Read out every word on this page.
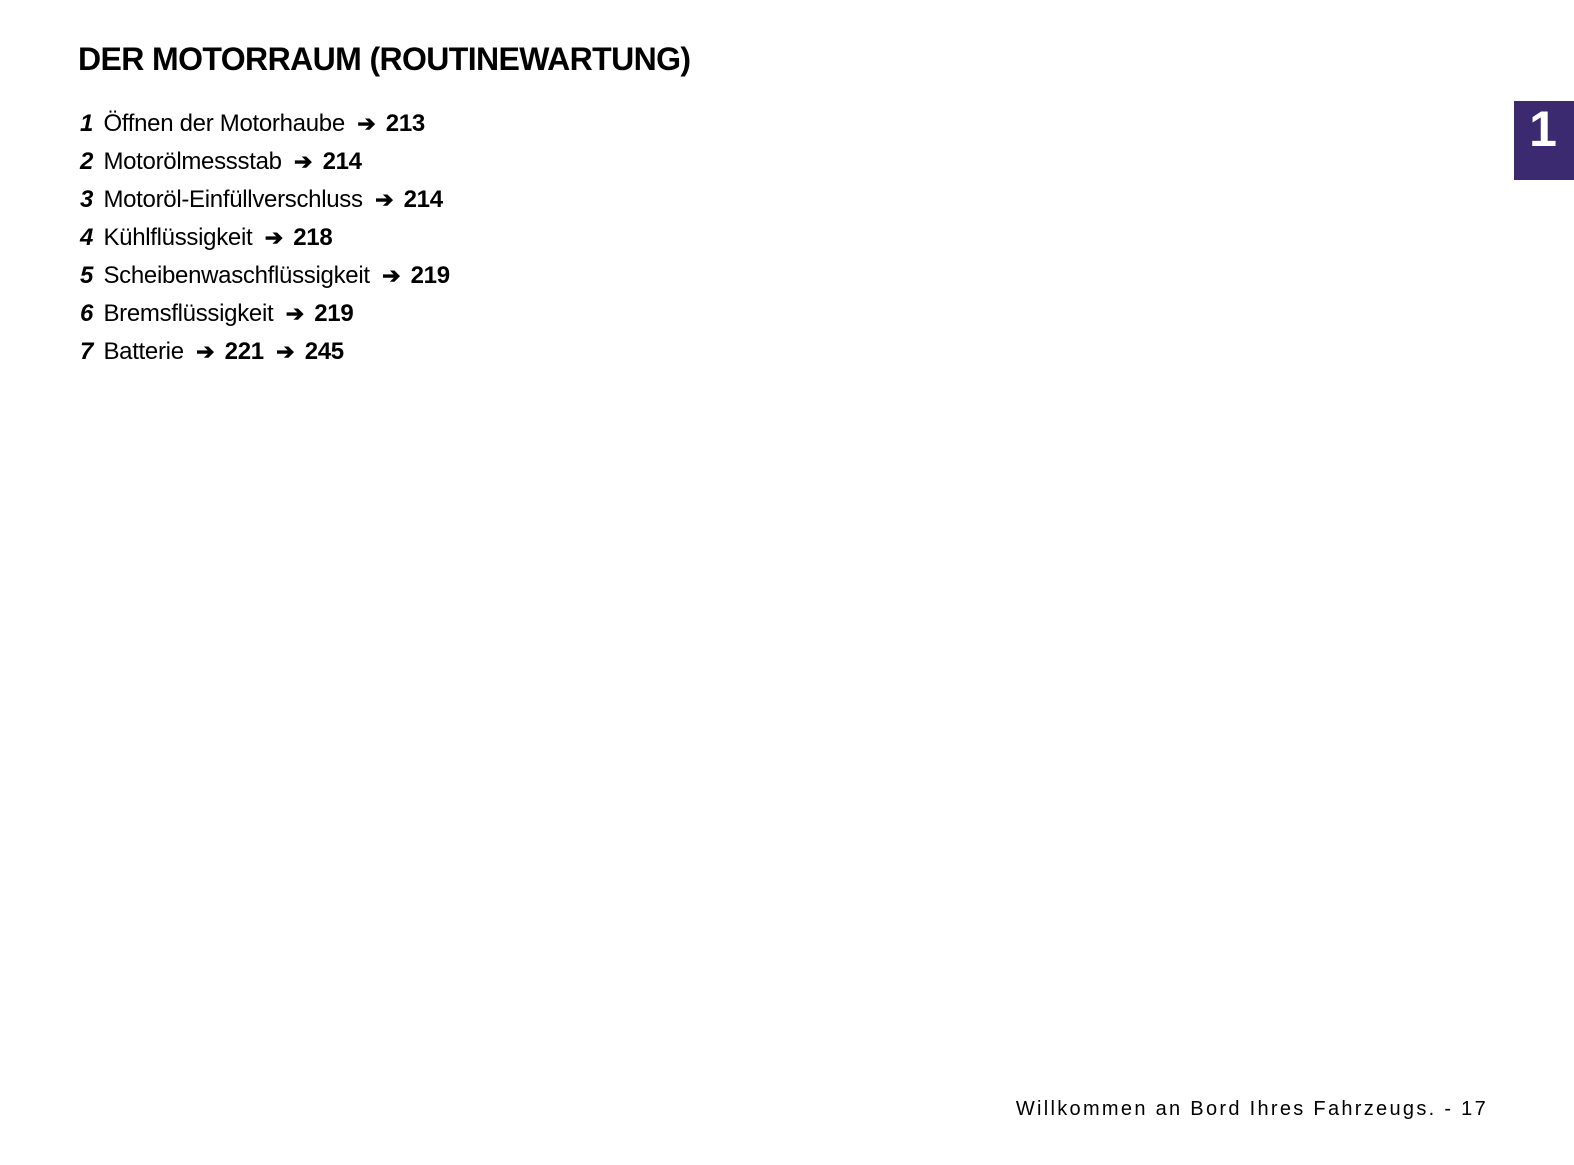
DER MOTORRAUM (ROUTINEWARTUNG)
1 Öffnen der Motorhaube ➔ 213
2 Motorölmessstab ➔ 214
3 Motoröl-Einfüllverschluss ➔ 214
4 Kühlflüssigkeit ➔ 218
5 Scheibenwaschflüssigkeit ➔ 219
6 Bremsflüssigkeit ➔ 219
7 Batterie ➔ 221 ➔ 245
1
Willkommen an Bord Ihres Fahrzeugs. - 17
